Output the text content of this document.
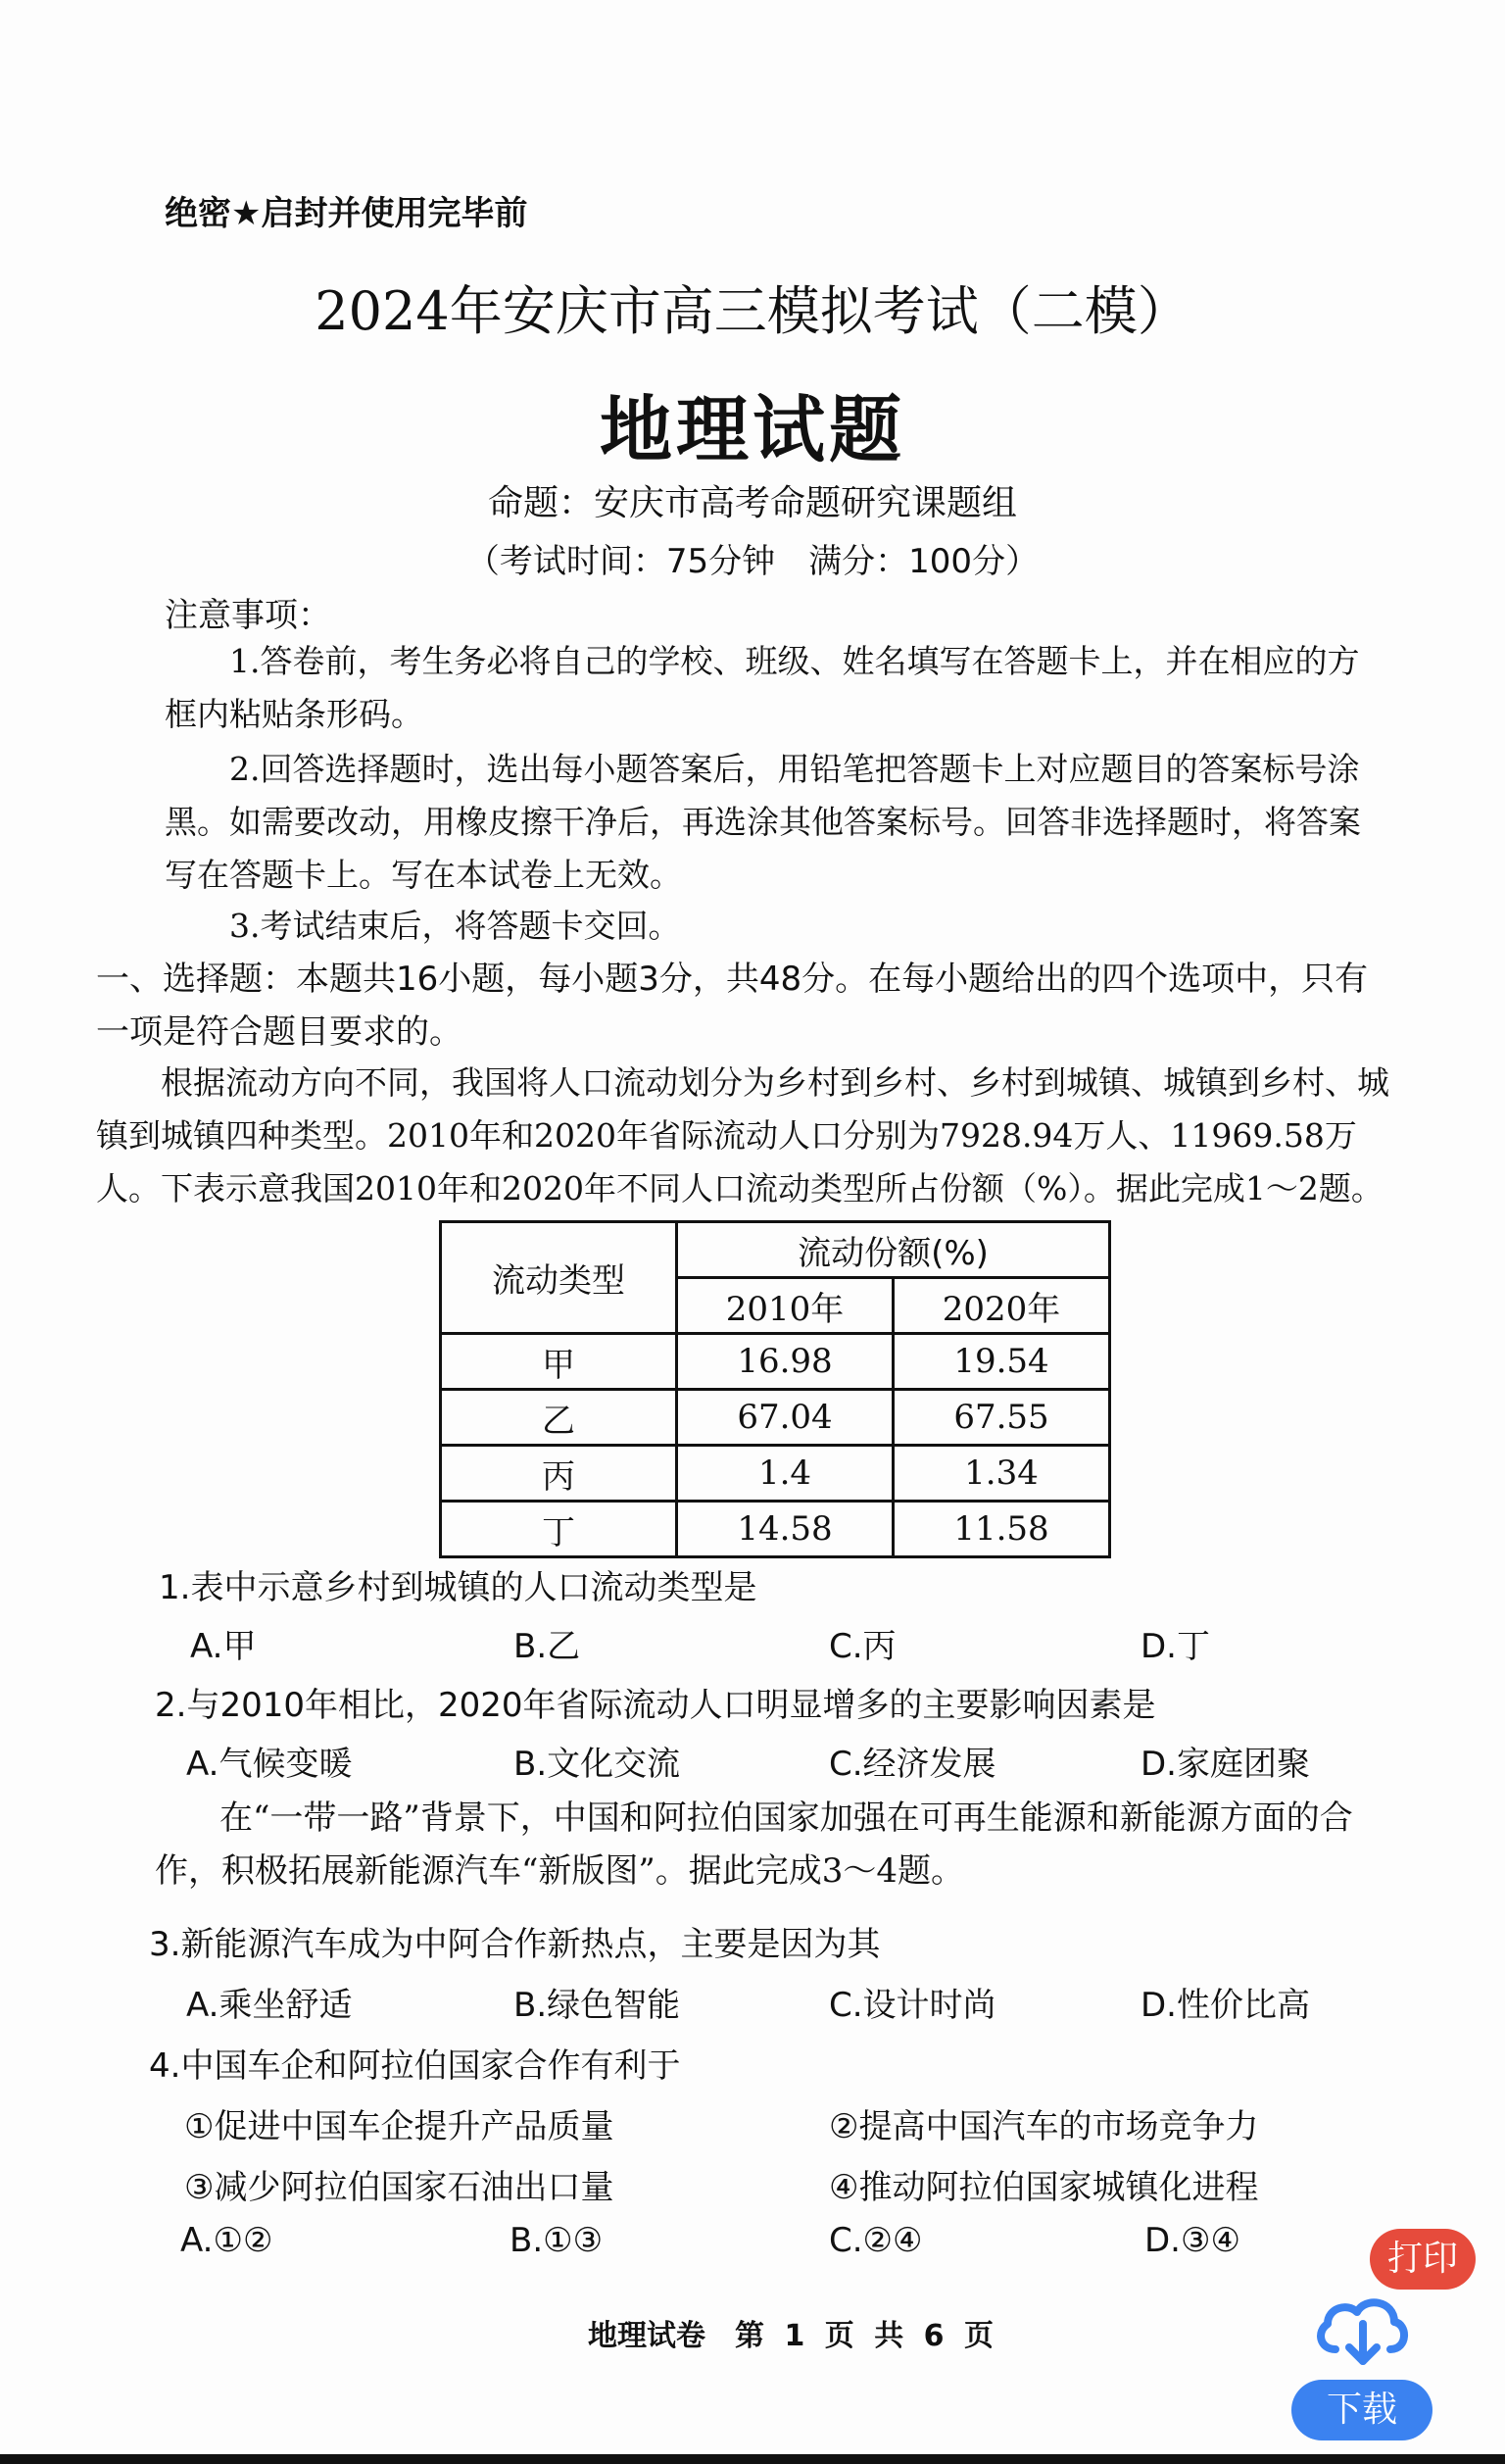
绝密★启封并使用完毕前
2024年安庆市高三模拟考试（二模）
地理试题
命题：安庆市高考命题研究课题组
（考试时间：75分钟　满分：100分）
注意事项：
1.答卷前，考生务必将自己的学校、班级、姓名填写在答题卡上，并在相应的方框内粘贴条形码。
2.回答选择题时，选出每小题答案后，用铅笔把答题卡上对应题目的答案标号涂黑。如需要改动，用橡皮擦干净后，再选涂其他答案标号。回答非选择题时，将答案写在答题卡上。写在本试卷上无效。
3.考试结束后，将答题卡交回。
一、选择题：本题共16小题，每小题3分，共48分。在每小题给出的四个选项中，只有一项是符合题目要求的。
根据流动方向不同，我国将人口流动划分为乡村到乡村、乡村到城镇、城镇到乡村、城镇到城镇四种类型。2010年和2020年省际流动人口分别为7928.94万人、11969.58万人。下表示意我国2010年和2020年不同人口流动类型所占份额（%）。据此完成1～2题。
流动类型	流动份额(%)	
	2010年	2020年
甲	16.98	19.54
乙	67.04	67.55
丙	1.4	1.34
丁	14.58	11.58
1.表中示意乡村到城镇的人口流动类型是
A.甲	B.乙	C.丙	D.丁
2.与2010年相比，2020年省际流动人口明显增多的主要影响因素是
A.气候变暖	B.文化交流	C.经济发展	D.家庭团聚
在“一带一路”背景下，中国和阿拉伯国家加强在可再生能源和新能源方面的合作，积极拓展新能源汽车“新版图”。据此完成3～4题。
3.新能源汽车成为中阿合作新热点，主要是因为其
A.乘坐舒适	B.绿色智能	C.设计时尚	D.性价比高
4.中国车企和阿拉伯国家合作有利于
①促进中国车企提升产品质量	②提高中国汽车的市场竞争力
③减少阿拉伯国家石油出口量	④推动阿拉伯国家城镇化进程
A.①②	B.①③	C.②④	D.③④
地理试卷　第 1 页 共 6 页
打印
下载
